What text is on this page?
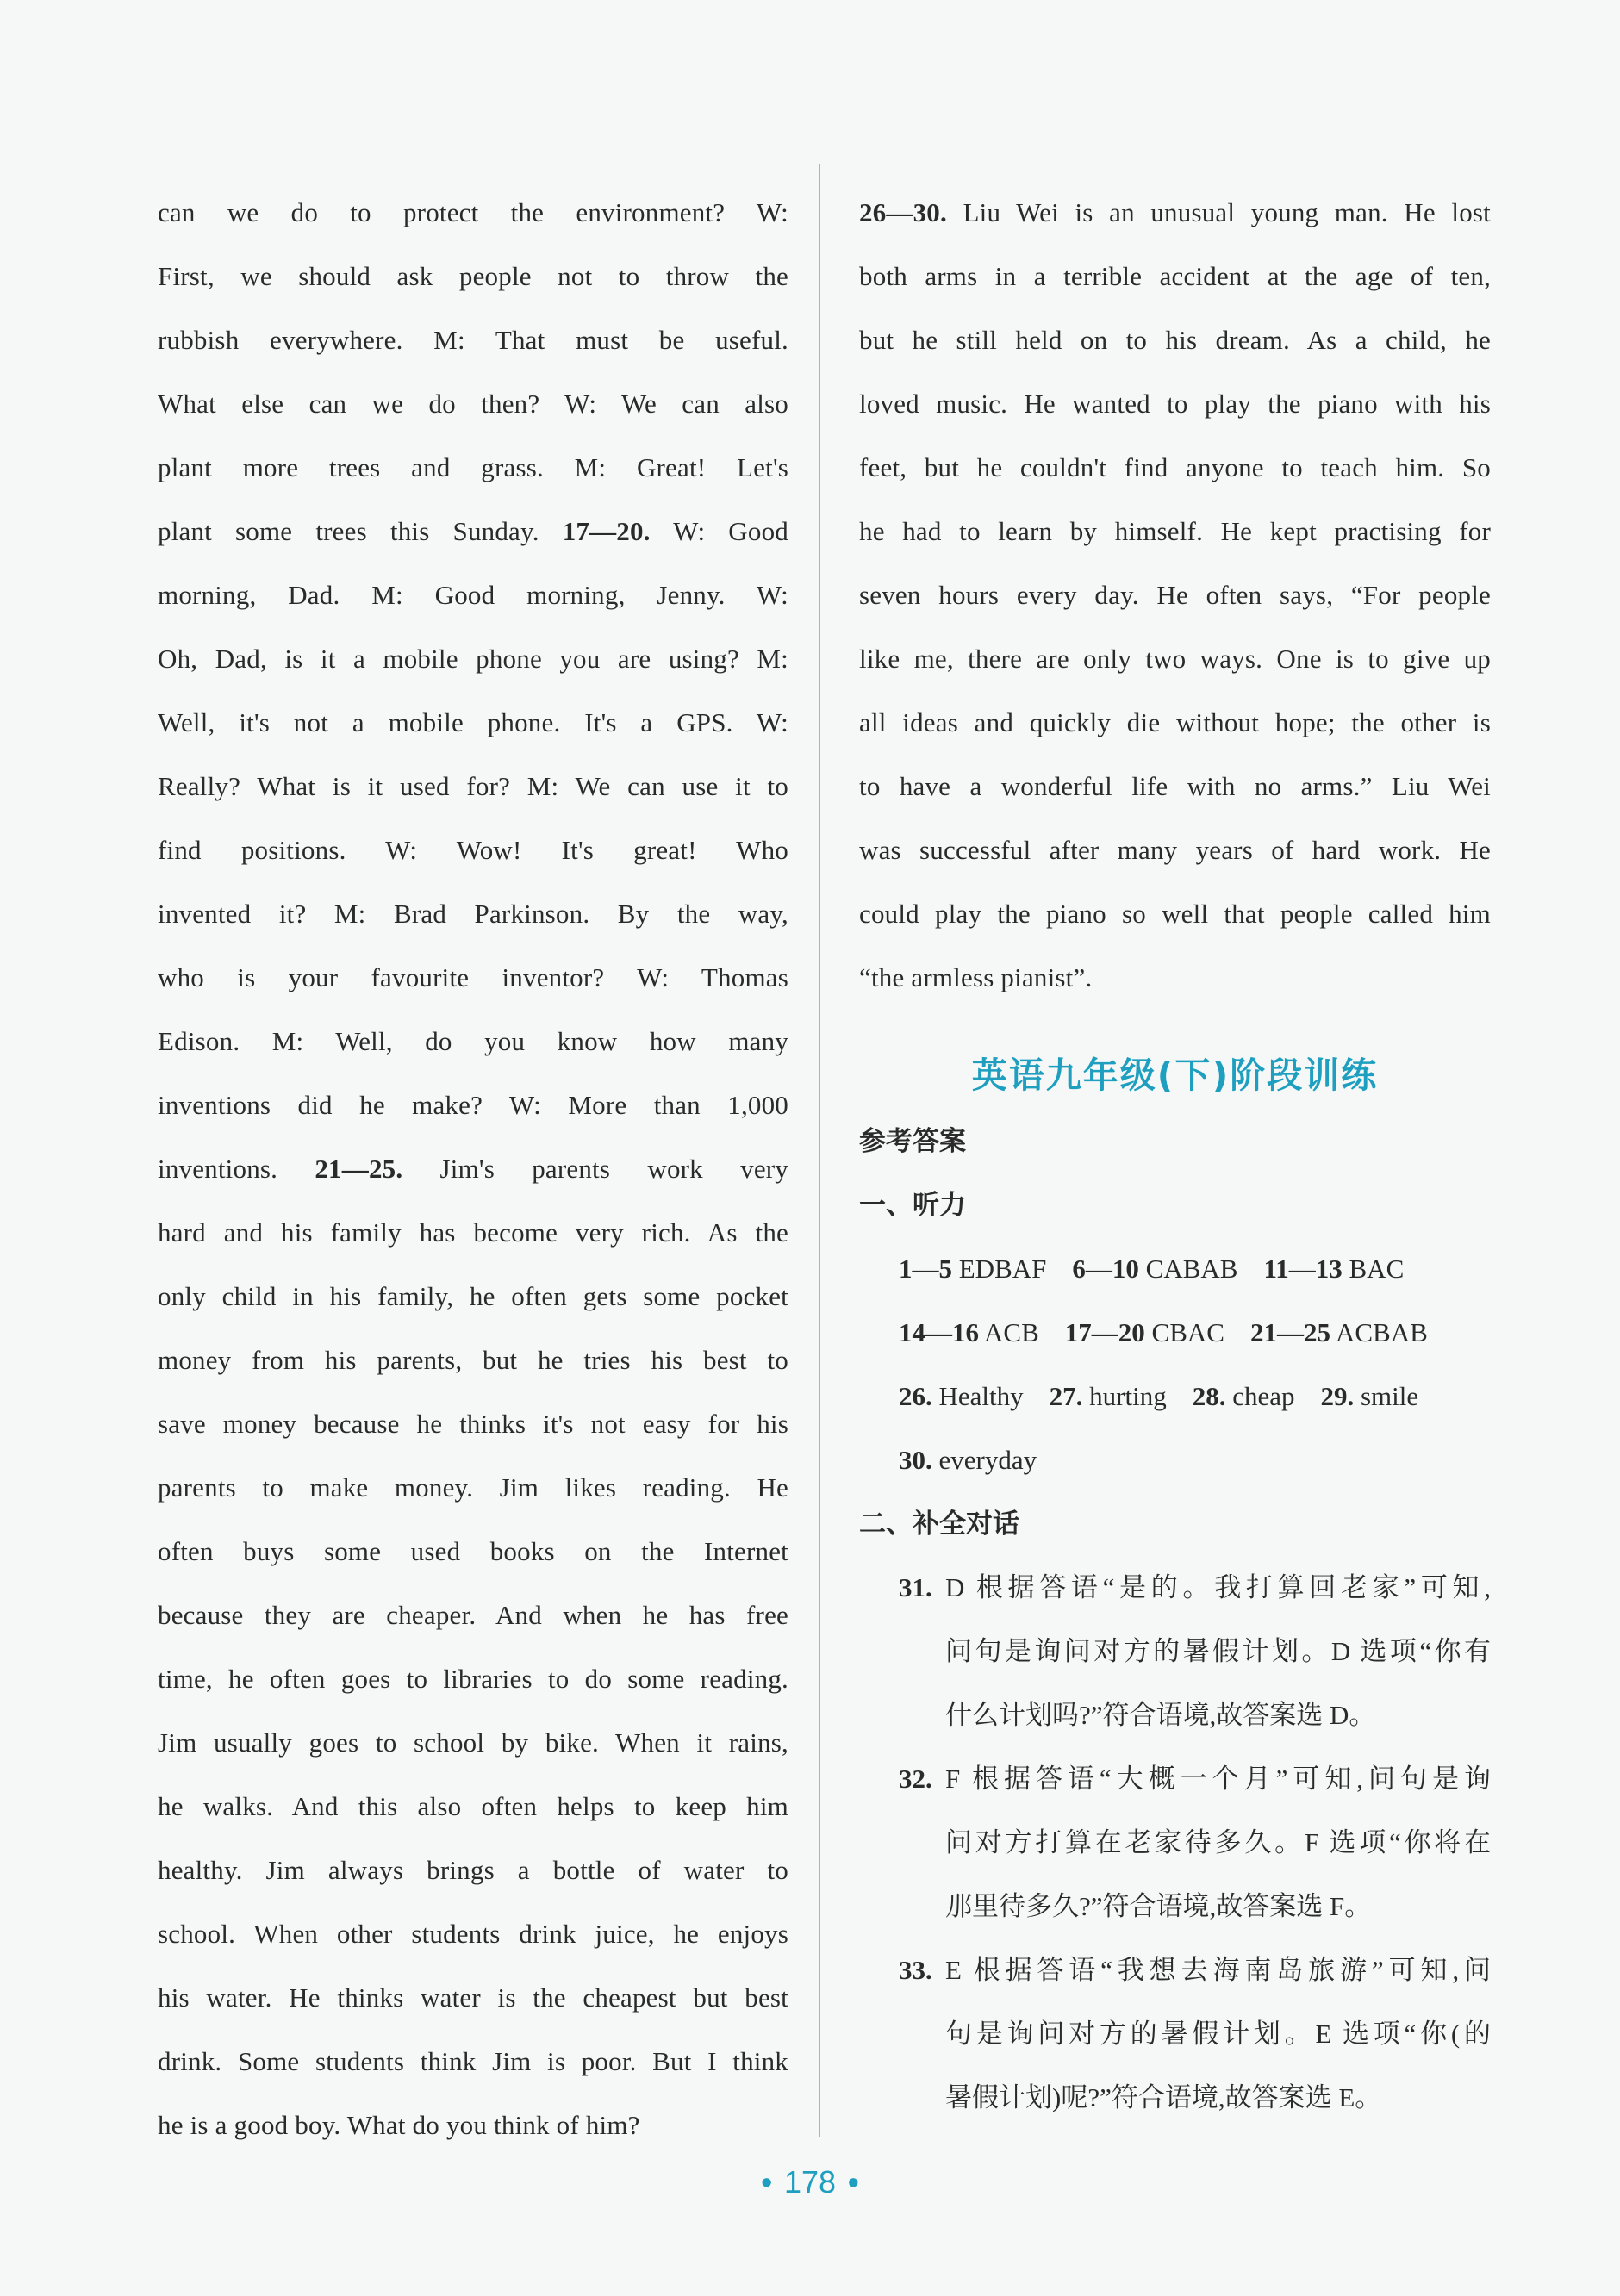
can we do to protect the environment? W:
First, we should ask people not to throw the
rubbish everywhere. M: That must be useful.
What else can we do then? W: We can also
plant more trees and grass. M: Great! Let's
plant some trees this Sunday. 17—20. W: Good
morning, Dad. M: Good morning, Jenny. W:
Oh, Dad, is it a mobile phone you are using? M:
Well, it's not a mobile phone. It's a GPS. W:
Really? What is it used for? M: We can use it to
find positions. W: Wow! It's great! Who
invented it? M: Brad Parkinson. By the way,
who is your favourite inventor? W: Thomas
Edison. M: Well, do you know how many
inventions did he make? W: More than 1,000
inventions. 21—25. Jim's parents work very
hard and his family has become very rich. As the
only child in his family, he often gets some pocket
money from his parents, but he tries his best to
save money because he thinks it's not easy for his
parents to make money. Jim likes reading. He
often buys some used books on the Internet
because they are cheaper. And when he has free
time, he often goes to libraries to do some reading.
Jim usually goes to school by bike. When it rains,
he walks. And this also often helps to keep him
healthy. Jim always brings a bottle of water to
school. When other students drink juice, he enjoys
his water. He thinks water is the cheapest but best
drink. Some students think Jim is poor. But I think
he is a good boy. What do you think of him?
26—30. Liu Wei is an unusual young man. He lost
both arms in a terrible accident at the age of ten,
but he still held on to his dream. As a child, he
loved music. He wanted to play the piano with his
feet, but he couldn't find anyone to teach him. So
he had to learn by himself. He kept practising for
seven hours every day. He often says, “For people
like me, there are only two ways. One is to give up
all ideas and quickly die without hope; the other is
to have a wonderful life with no arms.” Liu Wei
was successful after many years of hard work. He
could play the piano so well that people called him
“the armless pianist”.
英语九年级(下)阶段训练
参考答案
一、听力
1—5 EDBAF 6—10 CABAB 11—13 BAC
14—16 ACB 17—20 CBAC 21—25 ACBAB
26. Healthy 27. hurting 28. cheap 29. smile
30. everyday
二、补全对话
31. D 根据答语“是的。我打算回老家”可知,
问句是询问对方的暑假计划。D 选项“你有
什么计划吗?”符合语境,故答案选 D。
32. F 根据答语“大概一个月”可知,问句是询
问对方打算在老家待多久。F 选项“你将在
那里待多久?”符合语境,故答案选 F。
33. E 根据答语“我想去海南岛旅游”可知,问
句是询问对方的暑假计划。E 选项“你(的
暑假计划)呢?”符合语境,故答案选 E。
• 178 •
